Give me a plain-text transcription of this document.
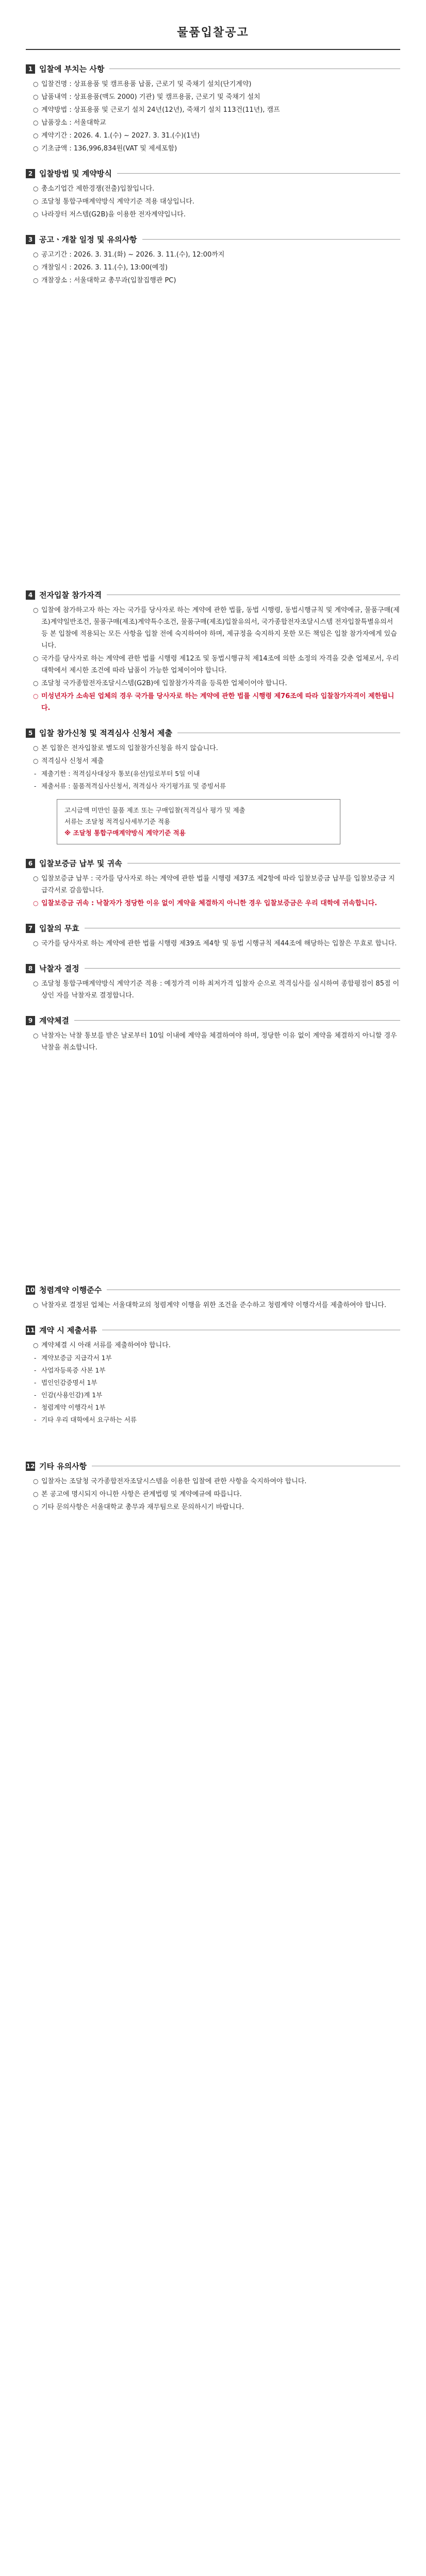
물품입찰공고
1 입찰에 부치는 사항
○ 입찰건명 : 상표용품 및 캠프용품 납품, 근로기 및 죽채기 설치(단기계약)
○ 납품내역 : 상표용품(맥도 2000) 기관) 및 캠프용품, 근로기 및 죽채기 설치
○ 계약방법 : 상표용품 및 근로기 설치 24년(12년), 죽채기 설치 113건(11년), 캠프
○ 납품장소 : 서울대학교
○ 계약기간 : 2026. 4. 1.(수) ~ 2027. 3. 31.(수)(1년)
○ 기초금액 : 136,996,834원(VAT 및 제세포함)
2 입찰방법 및 계약방식
○ 총소기업간 제한경쟁(전출)입찰입니다.
○ 조달청 통합구매계약방식 계약기준 적용 대상입니다.
○ 나라장터 저스템(G2B)을 이용한 전자계약입니다.
3 공고ㆍ개찰 일정 및 유의사항
○ 공고기간 : 2026. 3. 31.(화) ~ 2026. 3. 11.(수), 12:00까지
○ 개찰일시 : 2026. 3. 11.(수), 13:00(예정)
○ 개찰장소 : 서울대학교 총무과(입찰집행관 PC)
4 전자입찰 참가자격
○ 입찰에 참가하고자 하는 자는 국가를 당사자로 하는 계약에 관한 법률, 동법 시행령, 동법시행규칙 및 계약예규, 물품구매(제조)계약일반조건, 물품구매(제조)계약특수조건, 물품구매(제조)입찰유의서, 국가종합전자조달시스템 전자입찰특별유의서 등 본 입찰에 적용되는 모든 사항을 입찰 전에 숙지하여야 하며, 제규정을 숙지하지 못한 모든 책임은 입찰 참가자에게 있습니다.
○ 국가를 당사자로 하는 계약에 관한 법률 시행령 제12조 및 동법시행규칙 제14조에 의한 소정의 자격을 갖춘 업체로서, 우리 대학에서 제시한 조건에 따라 납품이 가능한 업체이어야 합니다.
○ 조달청 국가종합전자조달시스템(G2B)에 입찰참가자격을 등록한 업체이어야 합니다.
○ 미성년자가 소속된 업체의 경우 국가를 당사자로 하는 계약에 관한 법률 시행령 제76조에 따라 입찰참가자격이 제한됩니다.
5 입찰 참가신청 및 적격심사 신청서 제출
○ 본 입찰은 전자입찰로 별도의 입찰참가신청을 하지 않습니다.
○ 적격심사 신청서 제출
- 제출기한 : 적격심사대상자 통보(유선)일로부터 5일 이내
- 제출서류 : 물품적격심사신청서, 적격심사 자기평가표 및 증빙서류
고시금액 미만인 물품 제조 또는 구매입찰(적격심사 평가 및 제출
서류는 조달청 적격심사세부기준 적용
※ 조달청 통합구매계약방식 계약기준 적용
6 입찰보증금 납부 및 귀속
○ 입찰보증금 납부 : 국가를 당사자로 하는 계약에 관한 법률 시행령 제37조 제2항에 따라 입찰보증금 납부를 입찰보증금 지급각서로 갈음합니다.
○ 입찰보증금 귀속 : 낙찰자가 정당한 이유 없이 계약을 체결하지 아니한 경우 입찰보증금은 우리 대학에 귀속합니다.
7 입찰의 무효
○ 국가를 당사자로 하는 계약에 관한 법률 시행령 제39조 제4항 및 동법 시행규칙 제44조에 해당하는 입찰은 무효로 합니다.
8 낙찰자 결정
○ 조달청 통합구매계약방식 계약기준 적용 : 예정가격 이하 최저가격 입찰자 순으로 적격심사를 실시하여 종합평점이 85점 이상인 자를 낙찰자로 결정합니다.
9 계약체결
○ 낙찰자는 낙찰 통보를 받은 날로부터 10일 이내에 계약을 체결하여야 하며, 정당한 이유 없이 계약을 체결하지 아니할 경우 낙찰을 취소합니다.
10 청렴계약 이행준수
○ 낙찰자로 결정된 업체는 서울대학교의 청렴계약 이행을 위한 조건을 준수하고 청렴계약 이행각서를 제출하여야 합니다.
11 계약 시 제출서류
○ 계약체결 시 아래 서류를 제출하여야 합니다.
- 계약보증금 지급각서 1부
- 사업자등록증 사본 1부
- 법인인감증명서 1부
- 인감(사용인감)계 1부
- 청렴계약 이행각서 1부
- 기타 우리 대학에서 요구하는 서류
12 기타 유의사항
○ 입찰자는 조달청 국가종합전자조달시스템을 이용한 입찰에 관한 사항을 숙지하여야 합니다.
○ 본 공고에 명시되지 아니한 사항은 관계법령 및 계약예규에 따릅니다.
○ 기타 문의사항은 서울대학교 총무과 재무팀으로 문의하시기 바랍니다.
